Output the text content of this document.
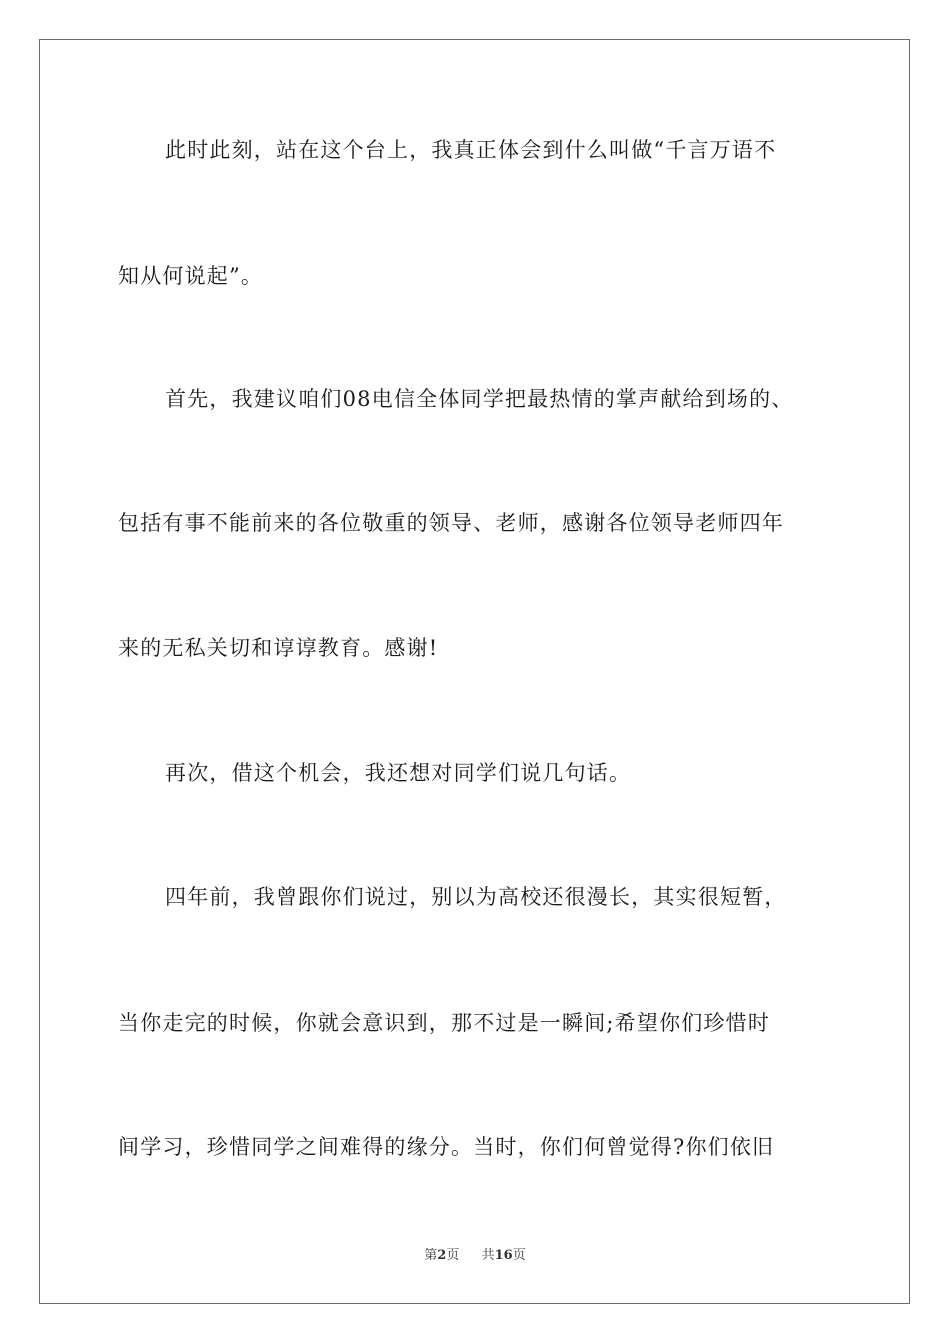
此时此刻，站在这个台上，我真正体会到什么叫做“千言万语不
知从何说起”。
首先，我建议咱们08电信全体同学把最热情的掌声献给到场的、
包括有事不能前来的各位敬重的领导、老师，感谢各位领导老师四年
来的无私关切和谆谆教育。感谢!
再次，借这个机会，我还想对同学们说几句话。
四年前，我曾跟你们说过，别以为高校还很漫长，其实很短暂，
当你走完的时候，你就会意识到，那不过是一瞬间;希望你们珍惜时
间学习，珍惜同学之间难得的缘分。当时，你们何曾觉得?你们依旧
第2页 共16页
